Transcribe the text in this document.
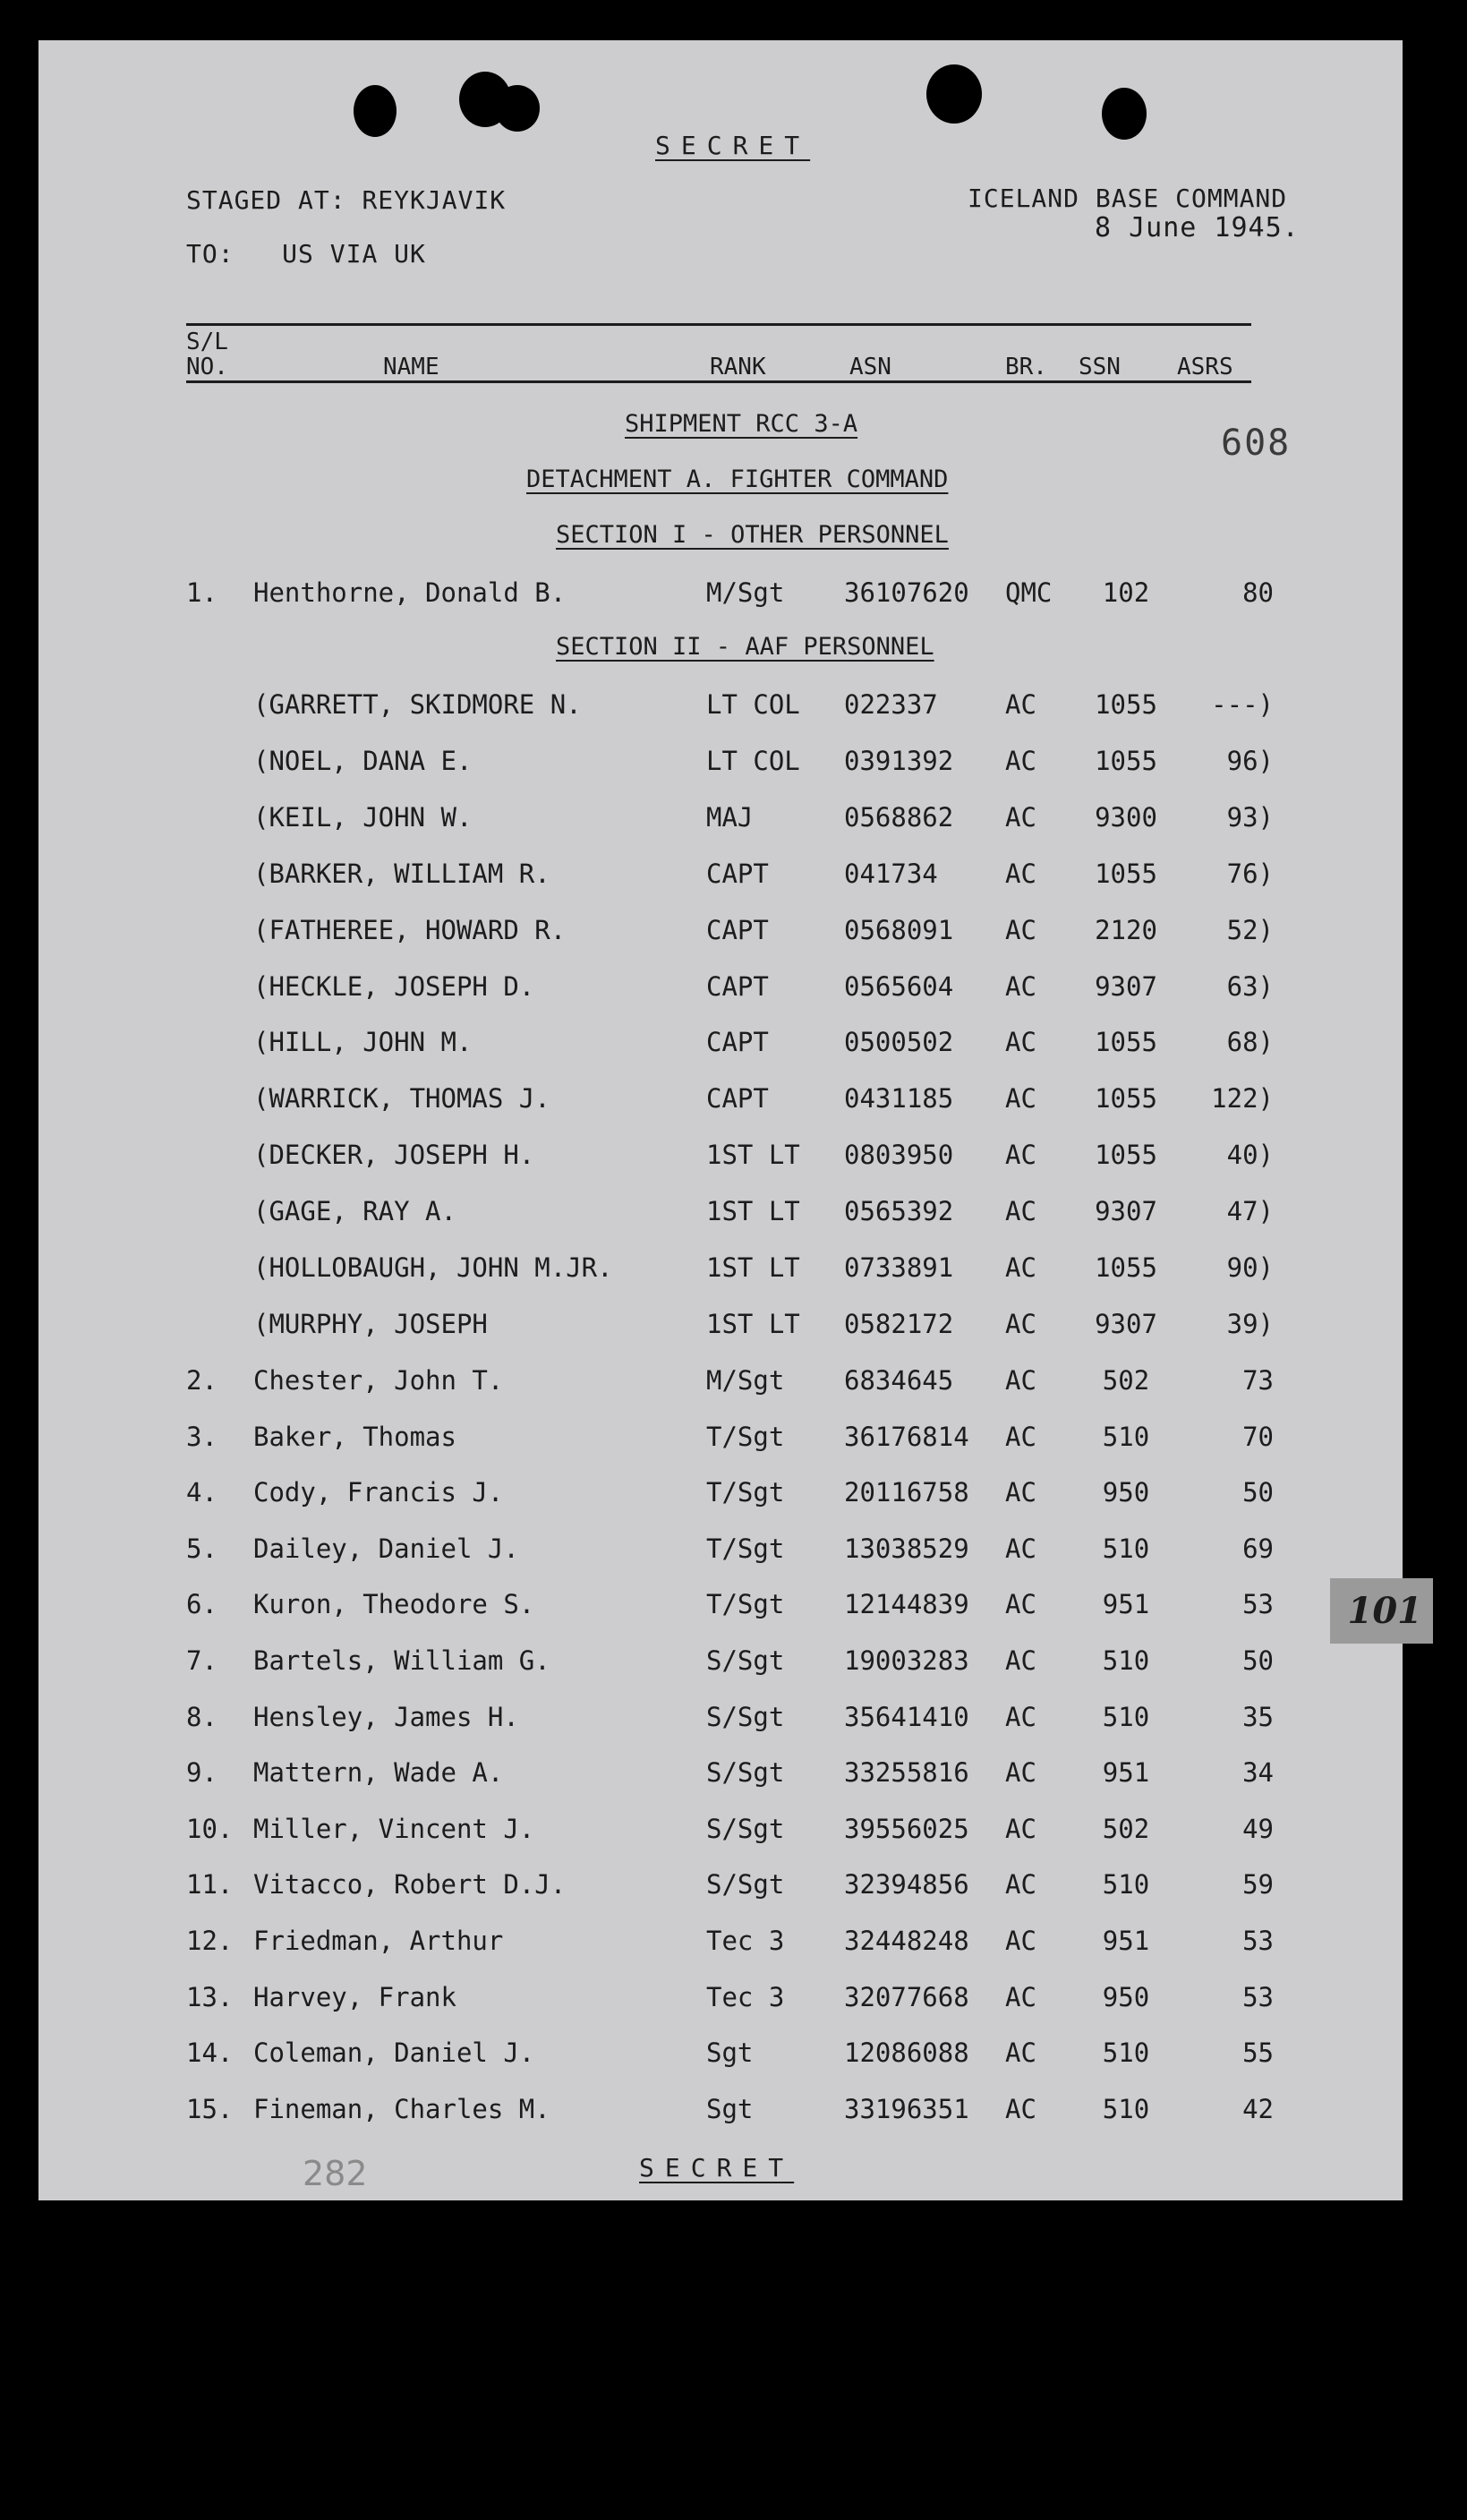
SECRET
STAGED AT: REYKJAVIK
TO: US VIA UK
ICELAND BASE COMMAND
8 June 1945.
608
S/L
NO.	NAME	RANK	ASN	BR. SSN ASRS
SHIPMENT RCC 3-A
DETACHMENT A. FIGHTER COMMAND
SECTION I - OTHER PERSONNEL
1. Henthorne, Donald B.	M/Sgt 36107620 QMC	102	80
SECTION II - AAF PERSONNEL
(GARRETT, SKIDMORE N.	LT COL 022337	AC	1055	---)
(NOEL, DANA E.	LT COL 0391392 AC	1055	96)
(KEIL, JOHN W.	MAJ	0568862 AC	9300	93)
(BARKER, WILLIAM R.	CAPT	041734	AC	1055	76)
(FATHEREE, HOWARD R.	CAPT	0568091 AC	2120	52)
(HECKLE, JOSEPH D.	CAPT	0565604 AC	9307	63)
(HILL, JOHN M.	CAPT	0500502 AC	1055	68)
(WARRICK, THOMAS J.	CAPT	0431185 AC	1055	122)
(DECKER, JOSEPH H.	1ST LT 0803950 AC	1055	40)
(GAGE, RAY A.	1ST LT 0565392 AC	9307	47)
(HOLLOBAUGH, JOHN M.JR.	1ST LT 0733891 AC	1055	90)
(MURPHY, JOSEPH	1ST LT 0582172 AC	9307	39)
2. Chester, John T.	M/Sgt 6834645 AC	502	73
3. Baker, Thomas	T/Sgt 36176814 AC	510	70
4. Cody, Francis J.	T/Sgt 20116758 AC	950	50
5. Dailey, Daniel J.	T/Sgt 13038529 AC	510	69
6. Kuron, Theodore S.	T/Sgt 12144839 AC	951	53
7. Bartels, William G.	S/Sgt 19003283 AC	510	50
8. Hensley, James H.	S/Sgt 35641410 AC	510	35
9. Mattern, Wade A.	S/Sgt 33255816 AC	951	34
10. Miller, Vincent J.	S/Sgt 39556025 AC	502	49
11. Vitacco, Robert D.J.	S/Sgt 32394856 AC	510	59
12. Friedman, Arthur	Tec 3 32448248 AC	951	53
13. Harvey, Frank	Tec 3 32077668 AC	950	53
14. Coleman, Daniel J.	Sgt	12086088 AC	510	55
15. Fineman, Charles M.	Sgt	33196351 AC	510	42
282	SECRET
101
